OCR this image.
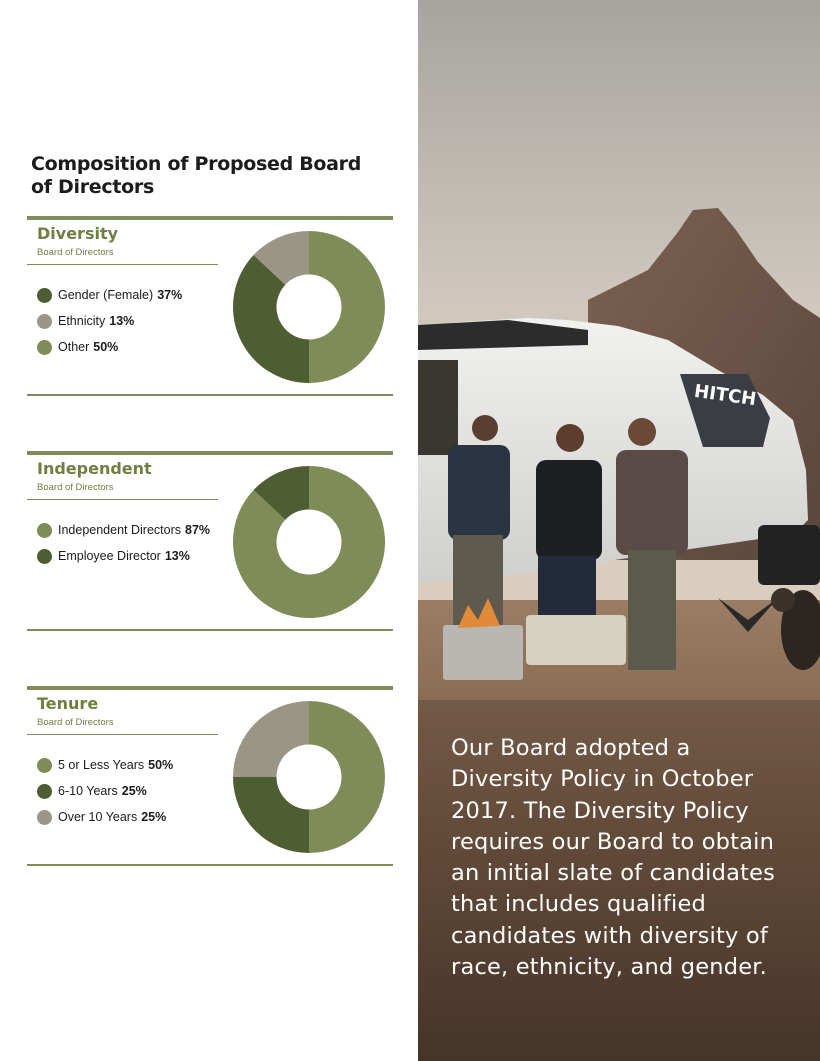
Composition of Proposed Board of Directors
Diversity
Board of Directors
Gender (Female) 37%
Ethnicity 13%
Other 50%
Independent
Board of Directors
Independent Directors 87%
Employee Director 13%
Tenure
Board of Directors
5 or Less Years 50%
6-10 Years 25%
Over 10 Years 25%
HITCH
Our Board adopted a Diversity Policy in October 2017. The Diversity Policy requires our Board to obtain an initial slate of candidates that includes qualified candidates with diversity of race, ethnicity, and gender.
